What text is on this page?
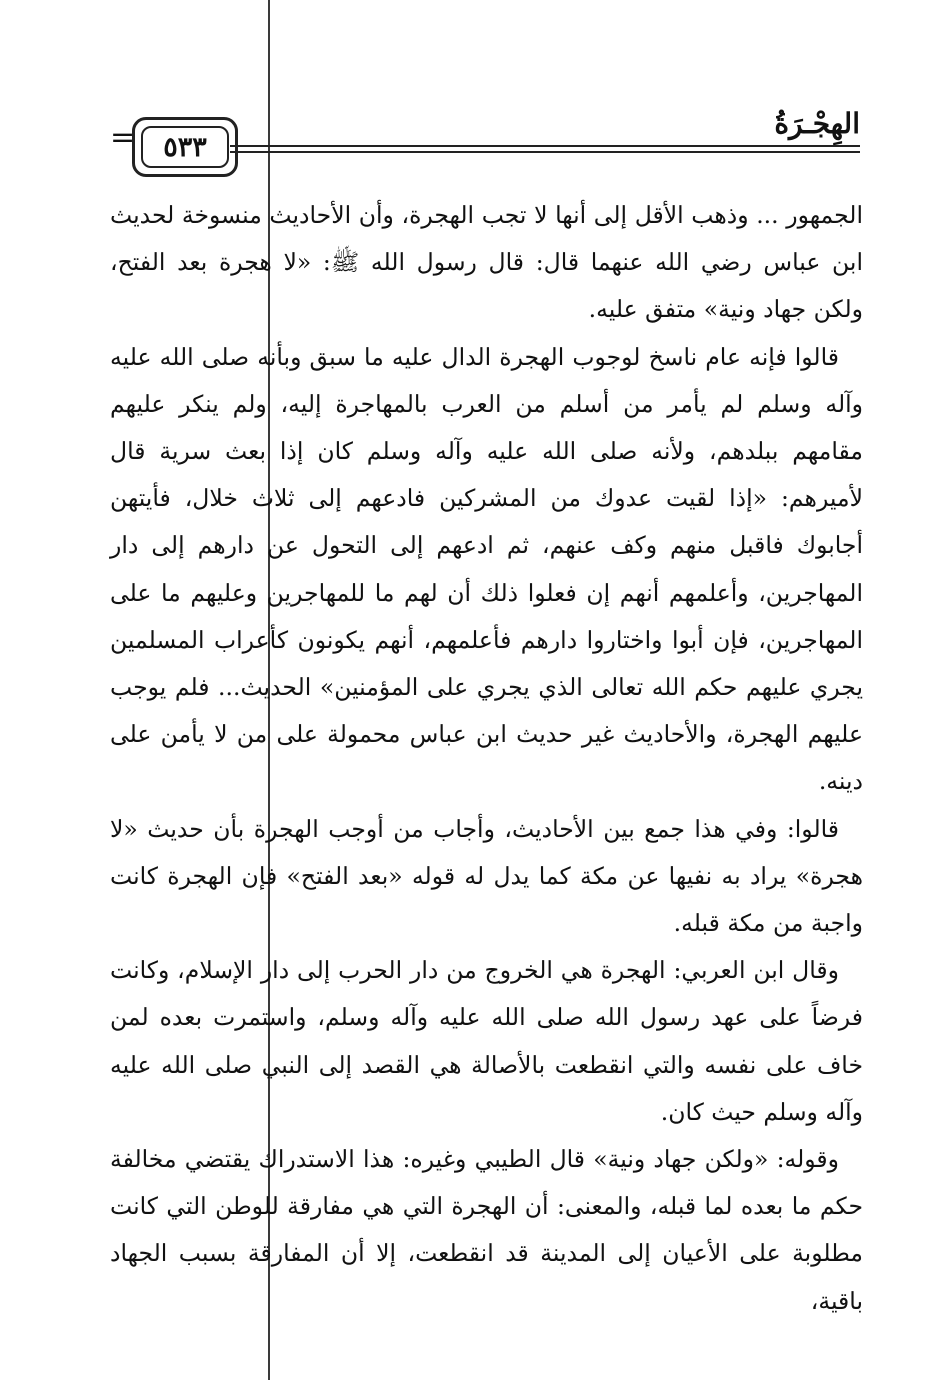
الهِجْـرَةُ
=	٥٣٣

الجمهور ... وذهب الأقل إلى أنها لا تجب الهجرة، وأن الأحاديث منسوخة لحديث ابن عباس رضي الله عنهما قال: قال رسول الله ﷺ: «لا هجرة بعد الفتح، ولكن جهاد ونية» متفق عليه.

قالوا فإنه عام ناسخ لوجوب الهجرة الدال عليه ما سبق وبأنه صلى الله عليه وآله وسلم لم يأمر من أسلم من العرب بالمهاجرة إليه، ولم ينكر عليهم مقامهم ببلدهم، ولأنه صلى الله عليه وآله وسلم كان إذا بعث سرية قال لأميرهم: «إذا لقيت عدوك من المشركين فادعهم إلى ثلاث خلال، فأيتهن أجابوك فاقبل منهم وكف عنهم، ثم ادعهم إلى التحول عن دارهم إلى دار المهاجرين، وأعلمهم أنهم إن فعلوا ذلك أن لهم ما للمهاجرين وعليهم ما على المهاجرين، فإن أبوا واختاروا دارهم فأعلمهم، أنهم يكونون كأعراب المسلمين يجري عليهم حكم الله تعالى الذي يجري على المؤمنين» الحديث... فلم يوجب عليهم الهجرة، والأحاديث غير حديث ابن عباس محمولة على من لا يأمن على دينه.

قالوا: وفي هذا جمع بين الأحاديث، وأجاب من أوجب الهجرة بأن حديث «لا هجرة» يراد به نفيها عن مكة كما يدل له قوله «بعد الفتح» فإن الهجرة كانت واجبة من مكة قبله.

وقال ابن العربي: الهجرة هي الخروج من دار الحرب إلى دار الإسلام، وكانت فرضاً على عهد رسول الله صلى الله عليه وآله وسلم، واستمرت بعده لمن خاف على نفسه والتي انقطعت بالأصالة هي القصد إلى النبي صلى الله عليه وآله وسلم حيث كان.

وقوله: «ولكن جهاد ونية» قال الطيبي وغيره: هذا الاستدراك يقتضي مخالفة حكم ما بعده لما قبله، والمعنى: أن الهجرة التي هي مفارقة للوطن التي كانت مطلوبة على الأعيان إلى المدينة قد انقطعت، إلا أن المفارقة بسبب الجهاد باقية،
